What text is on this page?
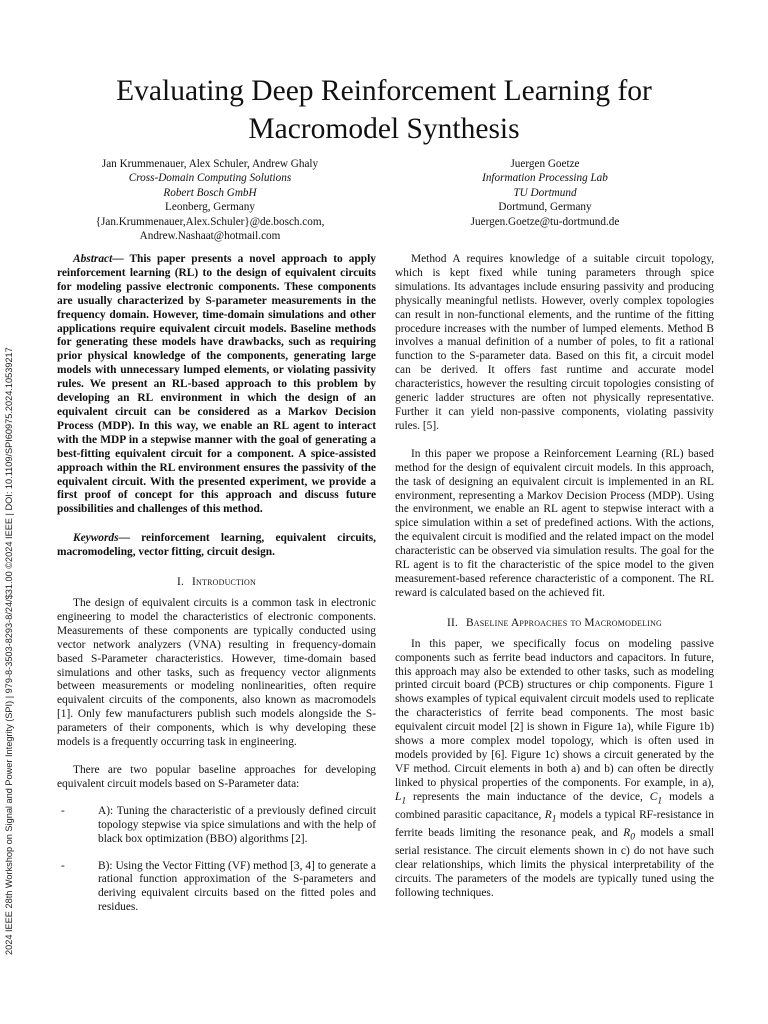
2024 IEEE 28th Workshop on Signal and Power Integrity (SPI) | 979-8-3503-8293-8/24/$31.00 ©2024 IEEE | DOI: 10.1109/SPI60975.2024.10539217
Evaluating Deep Reinforcement Learning for
Macromodel Synthesis
Jan Krummenauer, Alex Schuler, Andrew Ghaly
Cross-Domain Computing Solutions
Robert Bosch GmbH
Leonberg, Germany
{Jan.Krummenauer,Alex.Schuler}@de.bosch.com,
Andrew.Nashaat@hotmail.com
Juergen Goetze
Information Processing Lab
TU Dortmund
Dortmund, Germany
Juergen.Goetze@tu-dortmund.de

Abstract— This paper presents a novel approach to apply reinforcement learning (RL) to the design of equivalent circuits for modeling passive electronic components. These components are usually characterized by S-parameter measurements in the frequency domain. However, time-domain simulations and other applications require equivalent circuit models. Baseline methods for generating these models have drawbacks, such as requiring prior physical knowledge of the components, generating large models with unnecessary lumped elements, or violating passivity rules. We present an RL-based approach to this problem by developing an RL environment in which the design of an equivalent circuit can be considered as a Markov Decision Process (MDP). In this way, we enable an RL agent to interact with the MDP in a stepwise manner with the goal of generating a best-fitting equivalent circuit for a component. A spice-assisted approach within the RL environment ensures the passivity of the equivalent circuit. With the presented experiment, we provide a first proof of concept for this approach and discuss future possibilities and challenges of this method.

Keywords— reinforcement learning, equivalent circuits, macromodeling, vector fitting, circuit design.

I. Introduction

The design of equivalent circuits is a common task in electronic engineering to model the characteristics of electronic components. Measurements of these components are typically conducted using vector network analyzers (VNA) resulting in frequency-domain based S-Parameter characteristics. However, time-domain based simulations and other tasks, such as frequency vector alignments between measurements or modeling nonlinearities, often require equivalent circuits of the components, also known as macromodels [1]. Only few manufacturers publish such models alongside the S-parameters of their components, which is why developing these models is a frequently occurring task in engineering.

There are two popular baseline approaches for developing equivalent circuit models based on S-Parameter data:

-	A): Tuning the characteristic of a previously defined circuit topology stepwise via spice simulations and with the help of black box optimization (BBO) algorithms [2].
-	B): Using the Vector Fitting (VF) method [3, 4] to generate a rational function approximation of the S-parameters and deriving equivalent circuits based on the fitted poles and residues.

Method A requires knowledge of a suitable circuit topology, which is kept fixed while tuning parameters through spice simulations. Its advantages include ensuring passivity and producing physically meaningful netlists. However, overly complex topologies can result in non-functional elements, and the runtime of the fitting procedure increases with the number of lumped elements. Method B involves a manual definition of a number of poles, to fit a rational function to the S-parameter data. Based on this fit, a circuit model can be derived. It offers fast runtime and accurate model characteristics, however the resulting circuit topologies consisting of generic ladder structures are often not physically representative. Further it can yield non-passive components, violating passivity rules. [5].

In this paper we propose a Reinforcement Learning (RL) based method for the design of equivalent circuit models. In this approach, the task of designing an equivalent circuit is implemented in an RL environment, representing a Markov Decision Process (MDP). Using the environment, we enable an RL agent to stepwise interact with a spice simulation within a set of predefined actions. With the actions, the equivalent circuit is modified and the related impact on the model characteristic can be observed via simulation results. The goal for the RL agent is to fit the characteristic of the spice model to the given measurement-based reference characteristic of a component. The RL reward is calculated based on the achieved fit.

II. Baseline Approaches to Macromodeling

In this paper, we specifically focus on modeling passive components such as ferrite bead inductors and capacitors. In future, this approach may also be extended to other tasks, such as modeling printed circuit board (PCB) structures or chip components. Figure 1 shows examples of typical equivalent circuit models used to replicate the characteristics of ferrite bead components. The most basic equivalent circuit model [2] is shown in Figure 1a), while Figure 1b) shows a more complex model topology, which is often used in models provided by [6]. Figure 1c) shows a circuit generated by the VF method. Circuit elements in both a) and b) can often be directly linked to physical properties of the components. For example, in a), $L_1$ represents the main inductance of the device, $C_1$ models a combined parasitic capacitance, $R_1$ models a typical RF-resistance in ferrite beads limiting the resonance peak, and $R_0$ models a small serial resistance. The circuit elements shown in c) do not have such clear relationships, which limits the physical interpretability of the circuits. The parameters of the models are typically tuned using the following techniques.
